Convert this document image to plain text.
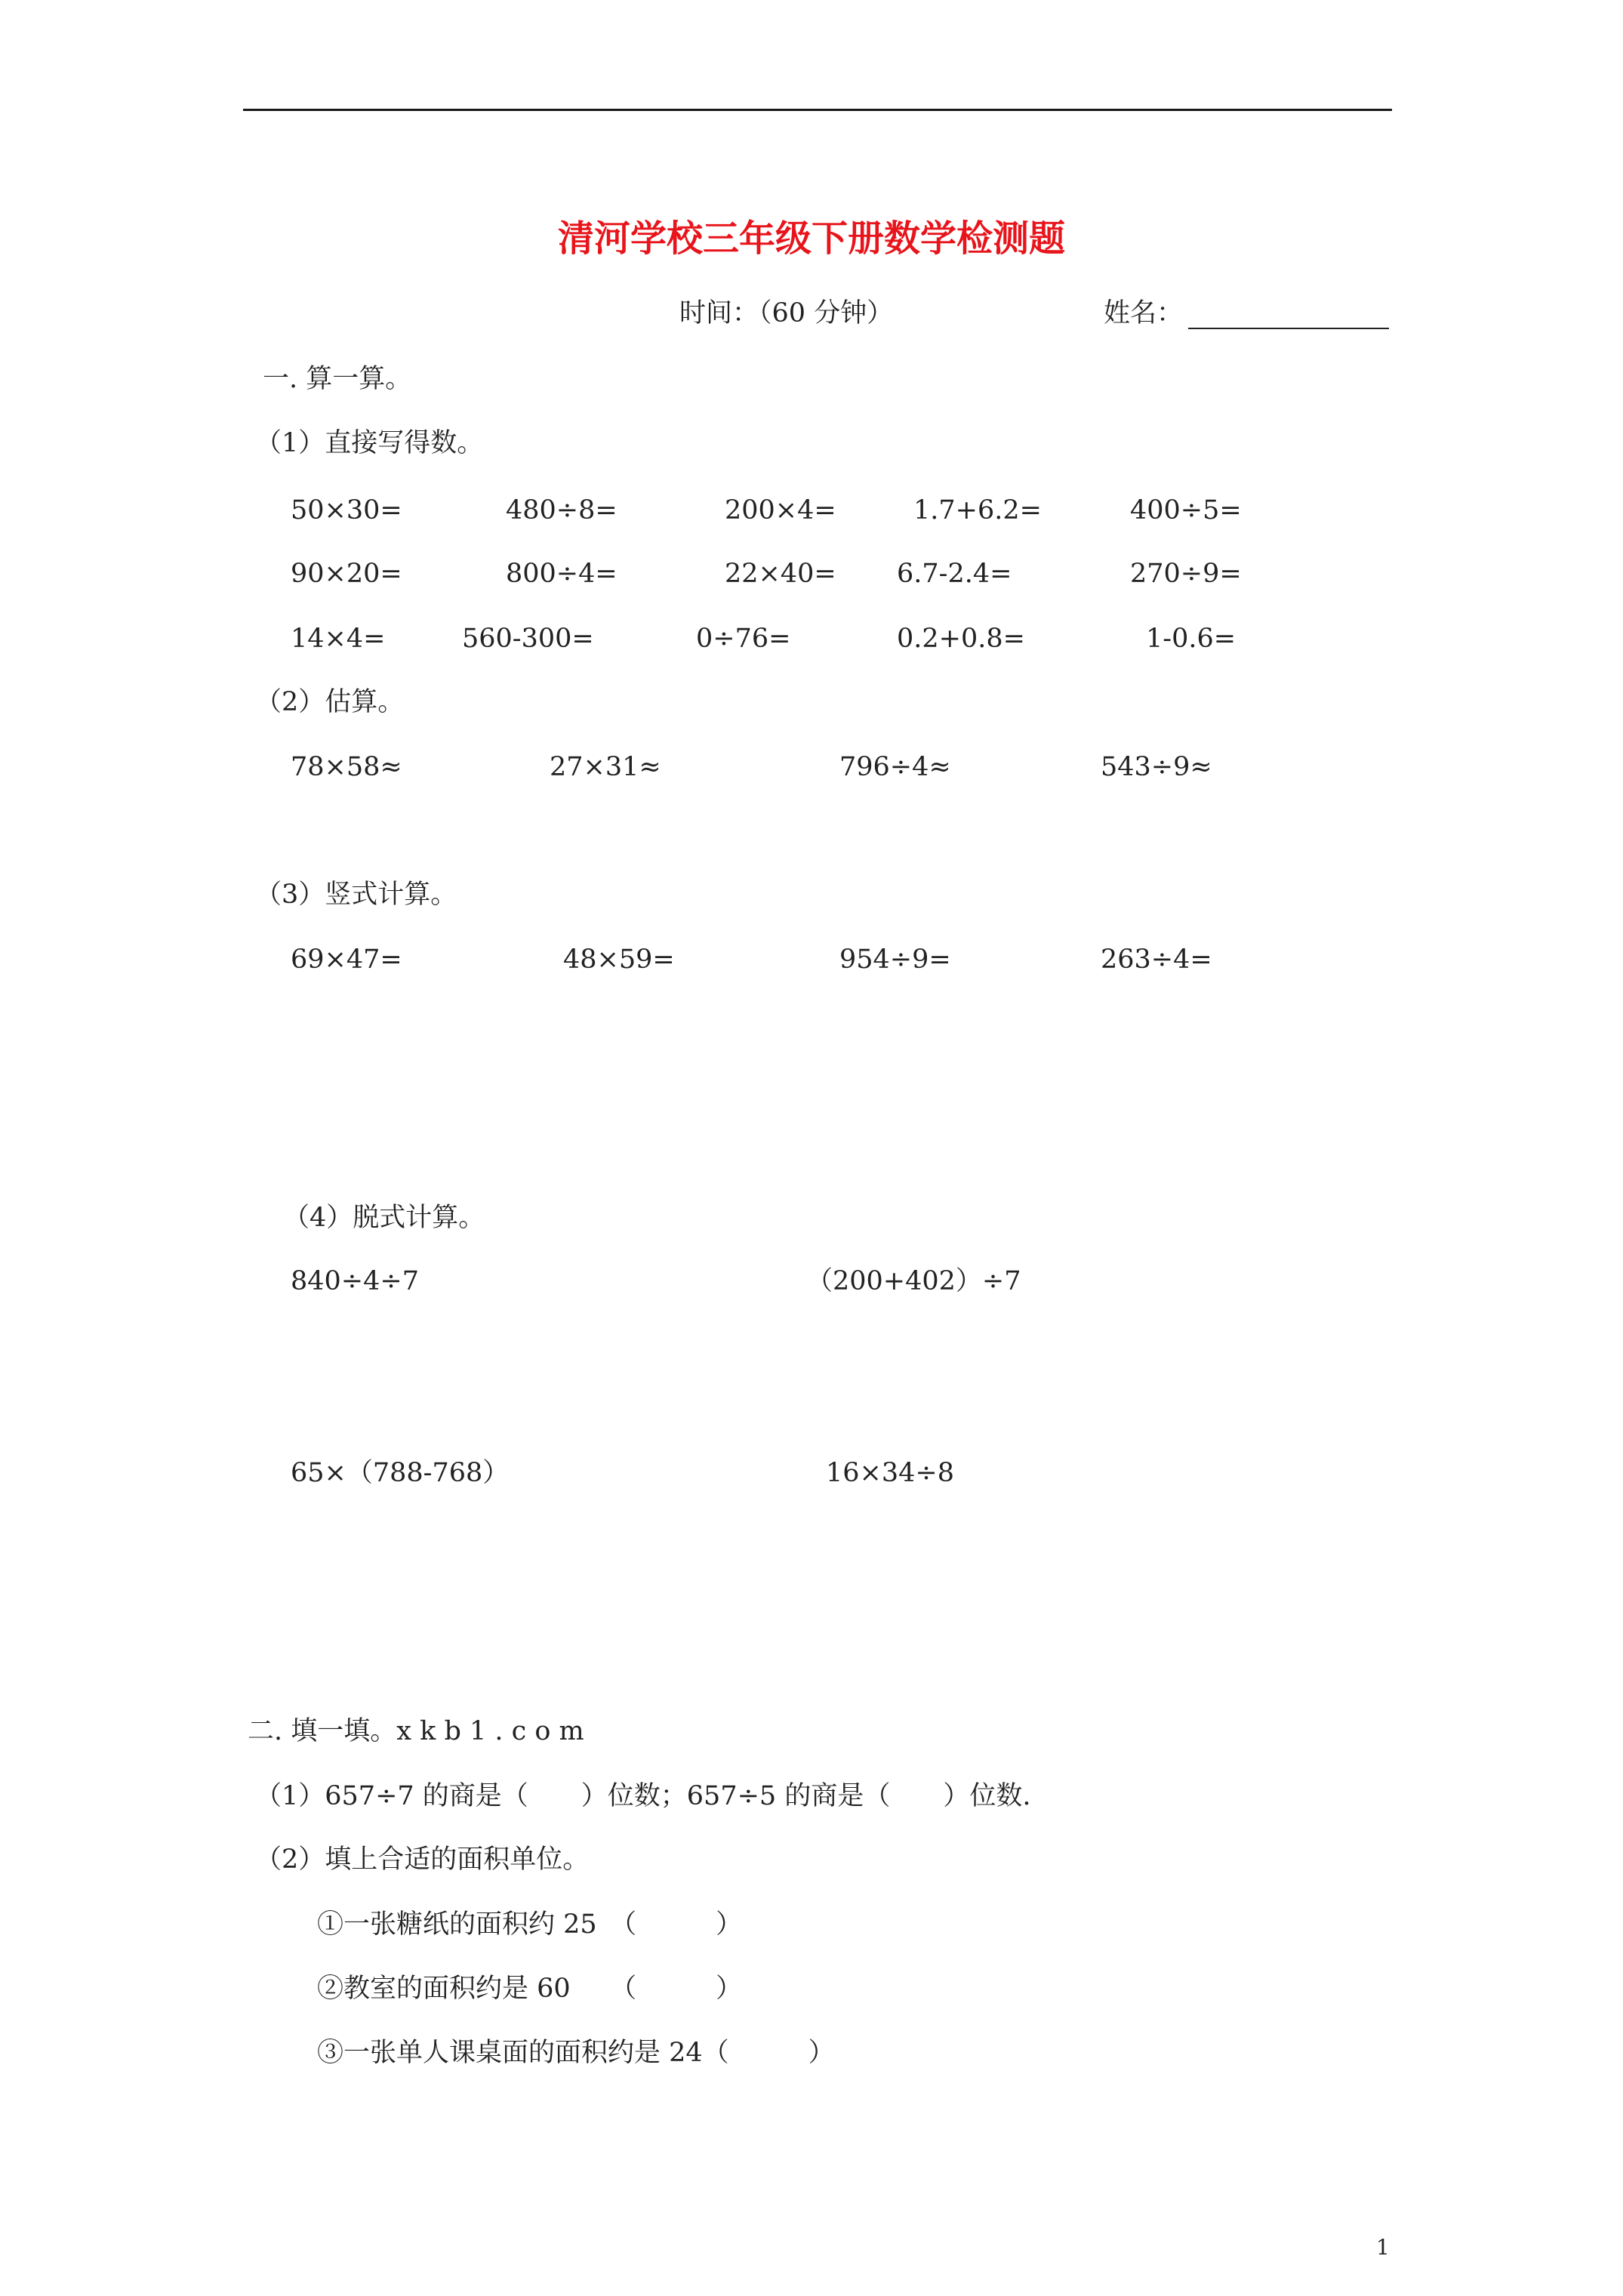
清河学校三年级下册数学检测题
时间：（60 分钟）	姓名：
一. 算一算。
（1）直接写得数。
50×30=	480÷8=	200×4=	1.7+6.2=	400÷5=
90×20=	800÷4=	22×40= 6.7-2.4=	270÷9=
14×4=	560-300=	0÷76=	0.2+0.8=	1-0.6=
（2）估算。
78×58≈	27×31≈	796÷4≈	543÷9≈
（3）竖式计算。
69×47=	48×59=	954÷9=	263÷4=
（4）脱式计算。
840÷4÷7	（200+402）÷7
65×（788-768）	16×34÷8
二. 填一填。x k b 1 . c o m
（1）657÷7 的商是（　　）位数；657÷5 的商是（　　）位数.
（2）填上合适的面积单位。
①一张糖纸的面积约 25　（　　　）
②教室的面积约是 60　　（　　　）
③一张单人课桌面的面积约是 24（　　　）
1
